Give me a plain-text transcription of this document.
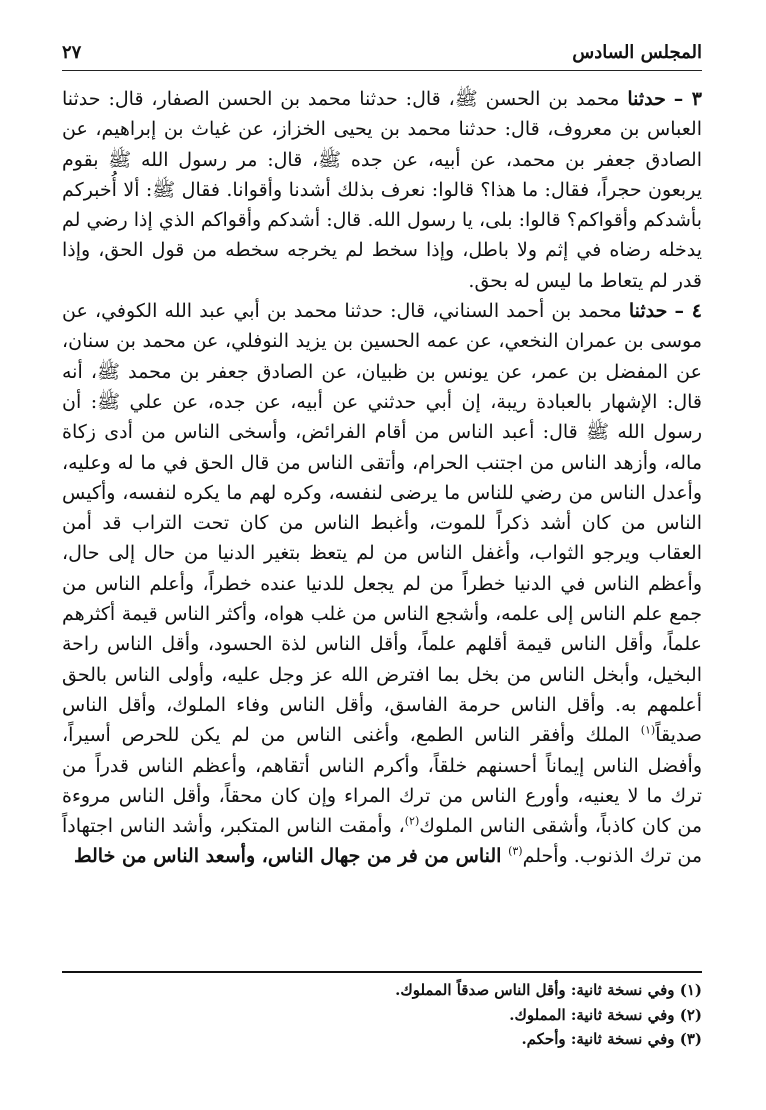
المجلس السادس
٢٧

٣ – حدثنا محمد بن الحسن ﷺ، قال: حدثنا محمد بن الحسن الصفار، قال: حدثنا العباس بن معروف، قال: حدثنا محمد بن يحيى الخزاز، عن غياث بن إبراهيم، عن الصادق جعفر بن محمد، عن أبيه، عن جده ﷺ، قال: مر رسول الله ﷺ بقوم يربعون حجراً، فقال: ما هذا؟ قالوا: نعرف بذلك أشدنا وأقوانا. فقال ﷺ: ألا أُخبركم بأشدكم وأقواكم؟ قالوا: بلى، يا رسول الله. قال: أشدكم وأقواكم الذي إذا رضي لم يدخله رضاه في إثم ولا باطل، وإذا سخط لم يخرجه سخطه من قول الحق، وإذا قدر لم يتعاط ما ليس له بحق.

٤ – حدثنا محمد بن أحمد السناني، قال: حدثنا محمد بن أبي عبد الله الكوفي، عن موسى بن عمران النخعي، عن عمه الحسين بن يزيد النوفلي، عن محمد بن سنان، عن المفضل بن عمر، عن يونس بن ظبيان، عن الصادق جعفر بن محمد ﷺ، أنه قال: الإشهار بالعبادة ريبة، إن أبي حدثني عن أبيه، عن جده، عن علي ﷺ: أن رسول الله ﷺ قال: أعبد الناس من أقام الفرائض، وأسخى الناس من أدى زكاة ماله، وأزهد الناس من اجتنب الحرام، وأتقى الناس من قال الحق في ما له وعليه، وأعدل الناس من رضي للناس ما يرضى لنفسه، وكره لهم ما يكره لنفسه، وأكيس الناس من كان أشد ذكراً للموت، وأغبط الناس من كان تحت التراب قد أمن العقاب ويرجو الثواب، وأغفل الناس من لم يتعظ بتغير الدنيا من حال إلى حال، وأعظم الناس في الدنيا خطراً من لم يجعل للدنيا عنده خطراً، وأعلم الناس من جمع علم الناس إلى علمه، وأشجع الناس من غلب هواه، وأكثر الناس قيمة أكثرهم علماً، وأقل الناس قيمة أقلهم علماً، وأقل الناس لذة الحسود، وأقل الناس راحة البخيل، وأبخل الناس من بخل بما افترض الله عز وجل عليه، وأولى الناس بالحق أعلمهم به. وأقل الناس حرمة الفاسق، وأقل الناس وفاء الملوك، وأقل الناس صديقاً$^{(١)}$ الملك وأفقر الناس الطمع، وأغنى الناس من لم يكن للحرص أسيراً، وأفضل الناس إيماناً أحسنهم خلقاً، وأكرم الناس أتقاهم، وأعظم الناس قدراً من ترك ما لا يعنيه، وأورع الناس من ترك المراء وإن كان محقاً، وأقل الناس مروءة من كان كاذباً، وأشقى الناس الملوك$^{(٢)}$، وأمقت الناس المتكبر، وأشد الناس اجتهاداً من ترك الذنوب. وأحلم$^{(٣)}$ الناس من فر من جهال الناس، وأسعد الناس من خالط

(١) وفي نسخة ثانية: وأقل الناس صدقاً المملوك.
(٢) وفي نسخة ثانية: المملوك.
(٣) وفي نسخة ثانية: وأحكم.
